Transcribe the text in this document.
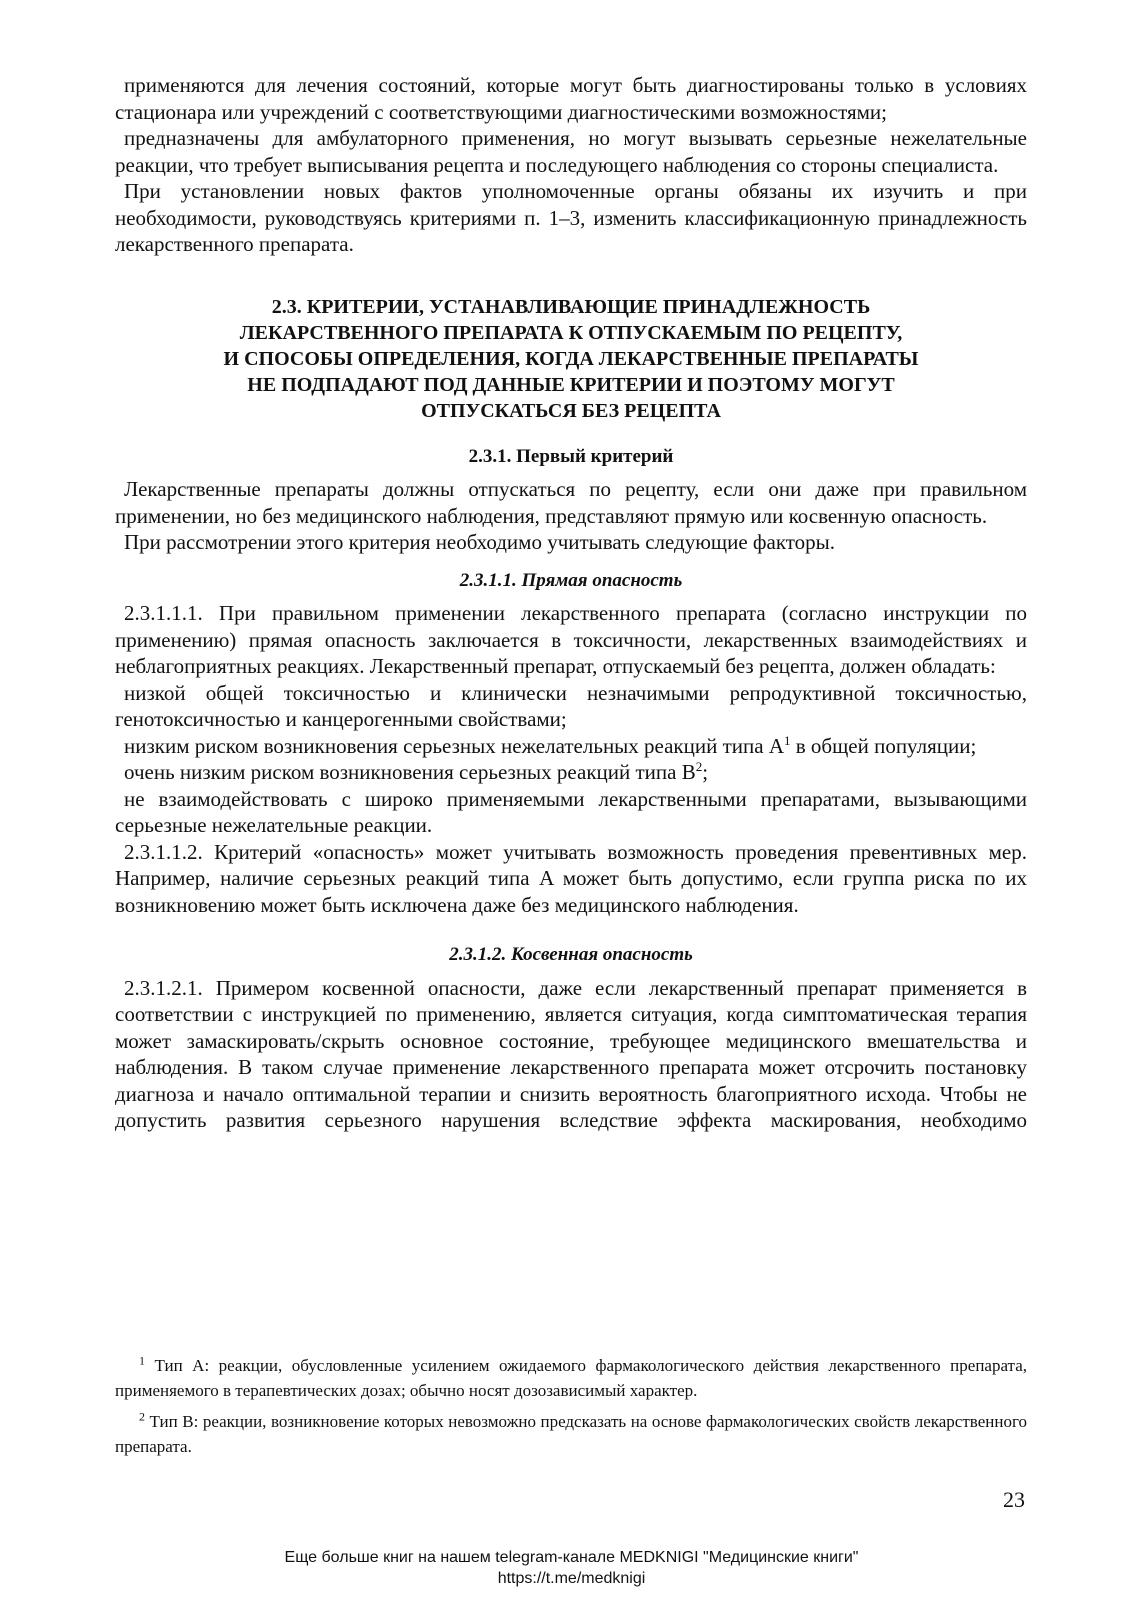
применяются для лечения состояний, которые могут быть диагностированы только в условиях стационара или учреждений с соответствующими диагностическими возможностями;

предназначены для амбулаторного применения, но могут вызывать серьезные нежелательные реакции, что требует выписывания рецепта и последующего наблюдения со стороны специалиста.

При установлении новых фактов уполномоченные органы обязаны их изучить и при необходимости, руководствуясь критериями п. 1–3, изменить классификационную принадлежность лекарственного препарата.

2.3. КРИТЕРИИ, УСТАНАВЛИВАЮЩИЕ ПРИНАДЛЕЖНОСТЬ
ЛЕКАРСТВЕННОГО ПРЕПАРАТА К ОТПУСКАЕМЫМ ПО РЕЦЕПТУ,
И СПОСОБЫ ОПРЕДЕЛЕНИЯ, КОГДА ЛЕКАРСТВЕННЫЕ ПРЕПАРАТЫ
НЕ ПОДПАДАЮТ ПОД ДАННЫЕ КРИТЕРИИ И ПОЭТОМУ МОГУТ
ОТПУСКАТЬСЯ БЕЗ РЕЦЕПТА
2.3.1. Первый критерий

Лекарственные препараты должны отпускаться по рецепту, если они даже при правильном применении, но без медицинского наблюдения, представляют прямую или косвенную опасность.

При рассмотрении этого критерия необходимо учитывать следующие факторы.

2.3.1.1. Прямая опасность

2.3.1.1.1. При правильном применении лекарственного препарата (согласно инструкции по применению) прямая опасность заключается в токсичности, лекарственных взаимодействиях и неблагоприятных реакциях. Лекарственный препарат, отпускаемый без рецепта, должен обладать:

низкой общей токсичностью и клинически незначимыми репродуктивной токсичностью, генотоксичностью и канцерогенными свойствами;

низким риском возникновения серьезных нежелательных реакций типа $A^1$ в общей популяции;

очень низким риском возникновения серьезных реакций типа $B^2$;

не взаимодействовать с широко применяемыми лекарственными препаратами, вызывающими серьезные нежелательные реакции.

2.3.1.1.2. Критерий «опасность» может учитывать возможность проведения превентивных мер. Например, наличие серьезных реакций типа A может быть допустимо, если группа риска по их возникновению может быть исключена даже без медицинского наблюдения.

2.3.1.2. Косвенная опасность

2.3.1.2.1. Примером косвенной опасности, даже если лекарственный препарат применяется в соответствии с инструкцией по применению, является ситуация, когда симптоматическая терапия может замаскировать/скрыть основное состояние, требующее медицинского вмешательства и наблюдения. В таком случае применение лекарственного препарата может отсрочить постановку диагноза и начало оптимальной терапии и снизить вероятность благоприятного исхода. Чтобы не допустить развития серьезного нарушения вследствие эффекта маскирования, необходимо

$^1$ Тип A: реакции, обусловленные усилением ожидаемого фармакологического действия лекарственного препарата, применяемого в терапевтических дозах; обычно носят дозозависимый характер.

$^2$ Тип B: реакции, возникновение которых невозможно предсказать на основе фармакологических свойств лекарственного препарата.

23
Еще больше книг на нашем telegram-канале MEDKNIGI "Медицинские книги"
https://t.me/medknigi
